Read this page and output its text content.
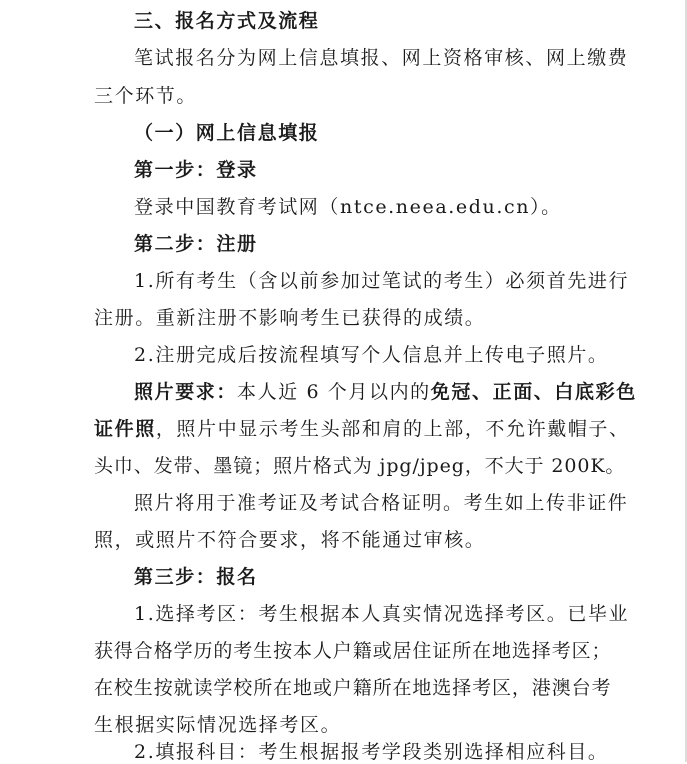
三、报名方式及流程
笔试报名分为网上信息填报、网上资格审核、网上缴费
三个环节。
（一）网上信息填报
第一步：登录
登录中国教育考试网（ntce.neea.edu.cn）。
第二步：注册
1.所有考生（含以前参加过笔试的考生）必须首先进行
注册。重新注册不影响考生已获得的成绩。
2.注册完成后按流程填写个人信息并上传电子照片。
照片要求：本人近 6 个月以内的免冠、正面、白底彩色
证件照，照片中显示考生头部和肩的上部，不允许戴帽子、
头巾、发带、墨镜；照片格式为 jpg/jpeg，不大于 200K。
照片将用于准考证及考试合格证明。考生如上传非证件
照，或照片不符合要求，将不能通过审核。
第三步：报名
1.选择考区：考生根据本人真实情况选择考区。已毕业
获得合格学历的考生按本人户籍或居住证所在地选择考区；
在校生按就读学校所在地或户籍所在地选择考区，港澳台考
生根据实际情况选择考区。
2.填报科目：考生根据报考学段类别选择相应科目。
